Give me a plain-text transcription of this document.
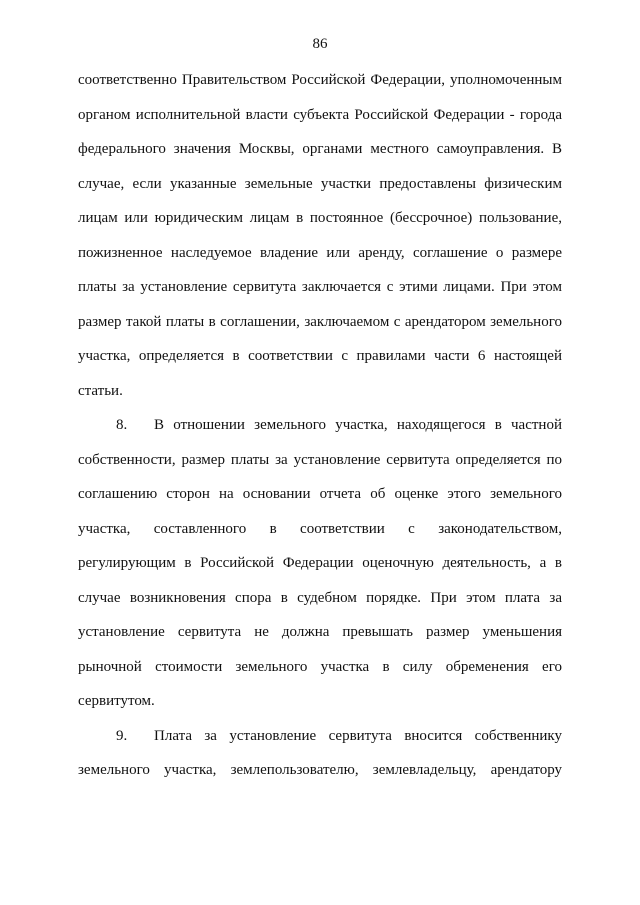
86
соответственно Правительством Российской Федерации, уполномоченным
органом исполнительной власти субъекта Российской Федерации - города
федерального значения Москвы, органами местного самоуправления. В
случае, если указанные земельные участки предоставлены физическим
лицам или юридическим лицам в постоянное (бессрочное) пользование,
пожизненное наследуемое владение или аренду, соглашение о размере
платы за установление сервитута заключается с этими лицами. При этом
размер такой платы в соглашении, заключаемом с арендатором земельного
участка, определяется в соответствии с правилами части 6 настоящей
статьи.
8. В отношении земельного участка, находящегося в частной
собственности, размер платы за установление сервитута определяется по
соглашению сторон на основании отчета об оценке этого земельного
участка, составленного в соответствии с законодательством,
регулирующим в Российской Федерации оценочную деятельность, а в
случае возникновения спора в судебном порядке. При этом плата за
установление сервитута не должна превышать размер уменьшения
рыночной стоимости земельного участка в силу обременения его
сервитутом.
9. Плата за установление сервитута вносится собственнику
земельного участка, землепользователю, землевладельцу, арендатору
